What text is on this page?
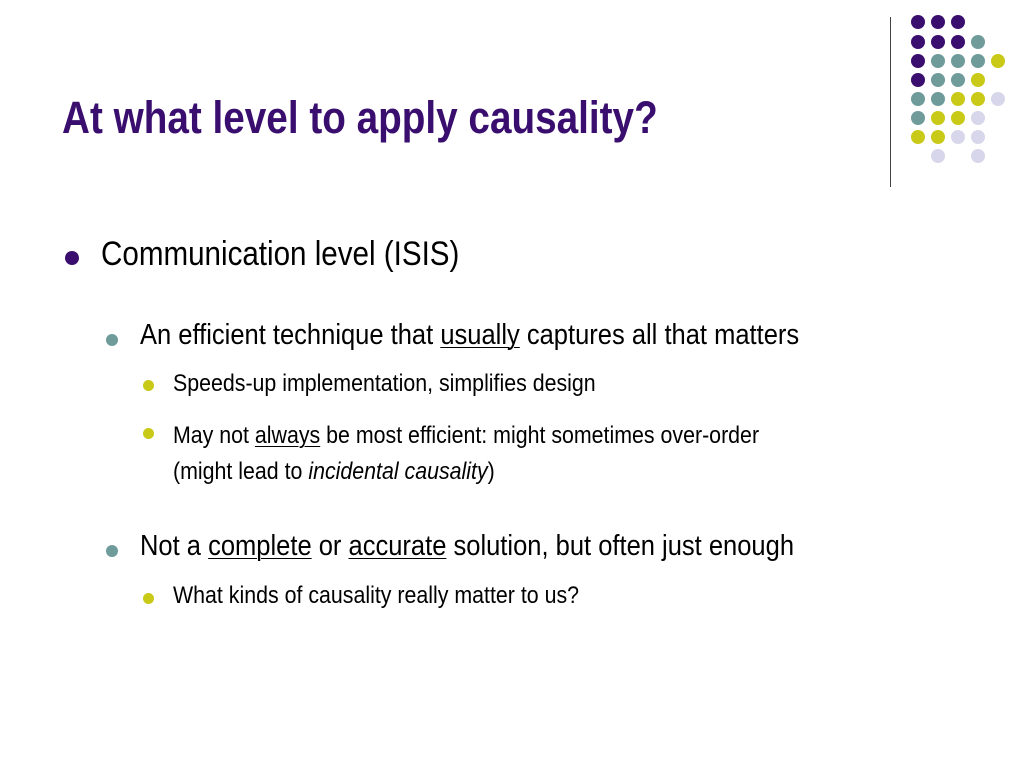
At what level to apply causality?
Communication level (ISIS)
An efficient technique that usually captures all that matters
Speeds-up implementation, simplifies design
May not always be most efficient: might sometimes over-order
(might lead to incidental causality)
Not a complete or accurate solution, but often just enough
What kinds of causality really matter to us?
